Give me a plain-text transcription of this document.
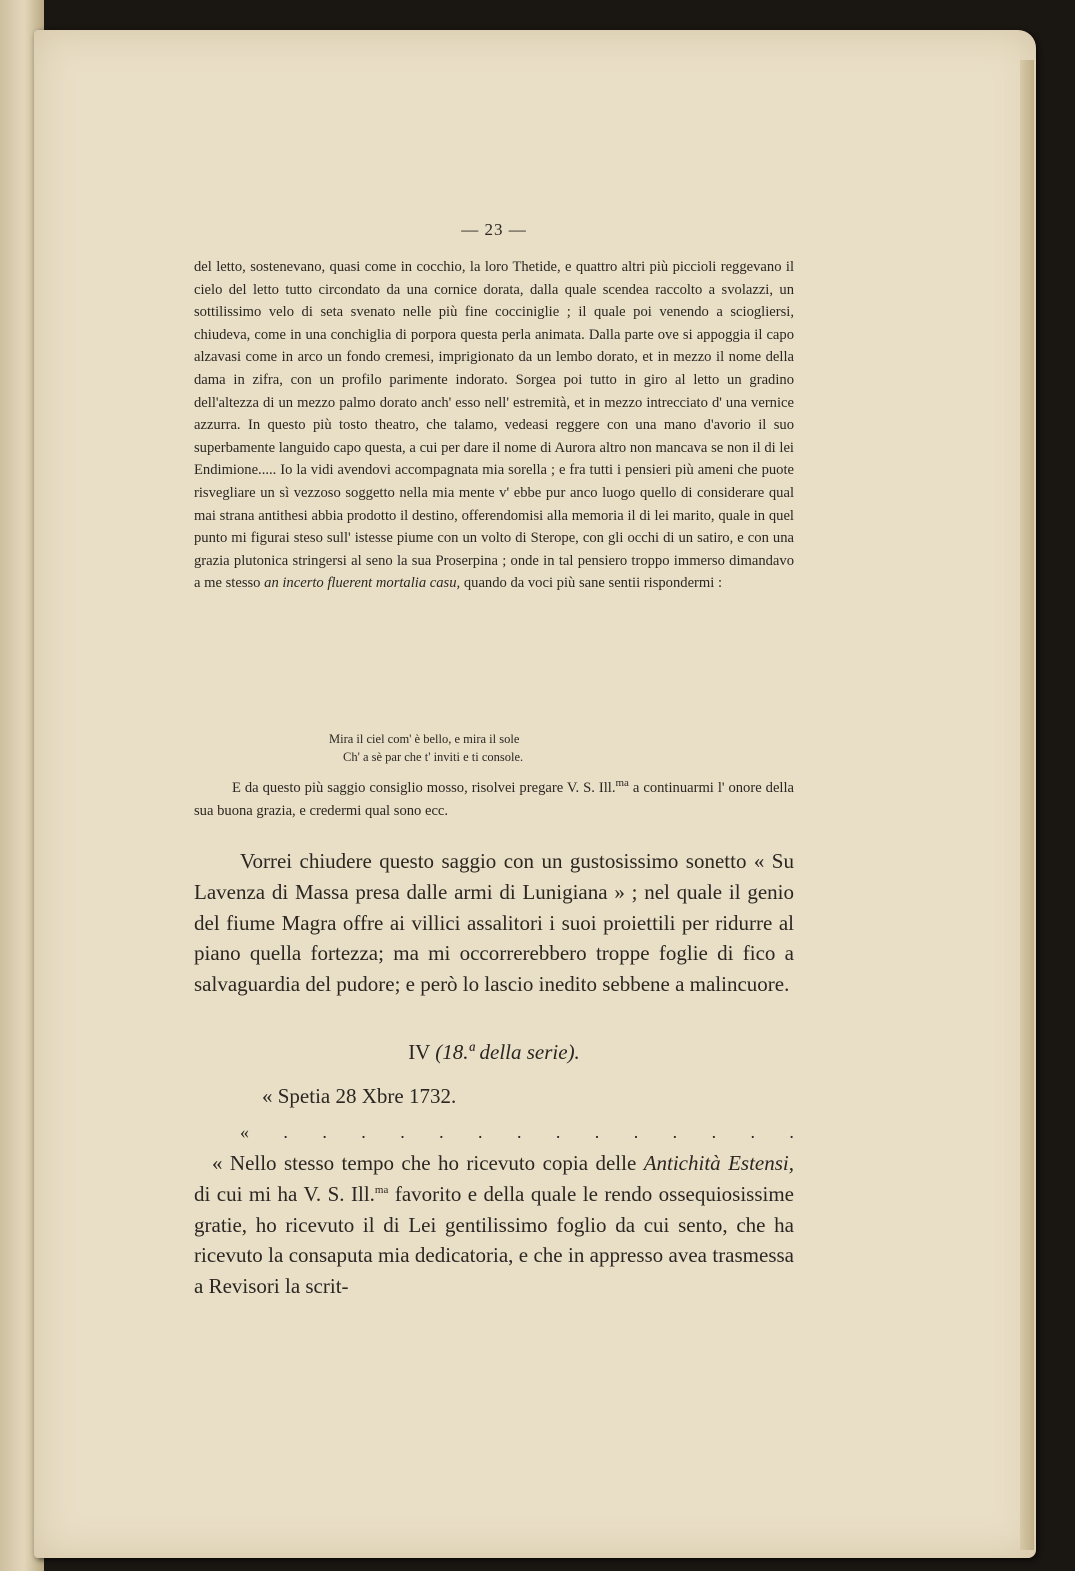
— 23 —
del letto, sostenevano, quasi come in cocchio, la loro Thetide, e quattro altri più piccioli reggevano il cielo del letto tutto circondato da una cornice dorata, dalla quale scendea raccolto a svolazzi, un sottilissimo velo di seta svenato nelle più fine cocciniglie ; il quale poi venendo a sciogliersi, chiudeva, come in una conchiglia di porpora questa perla animata. Dalla parte ove si appoggia il capo alzavasi come in arco un fondo cremesi, imprigionato da un lembo dorato, et in mezzo il nome della dama in zifra, con un profilo parimente indorato. Sorgea poi tutto in giro al letto un gradino dell'altezza di un mezzo palmo dorato anch' esso nell' estremità, et in mezzo intrecciato d' una vernice azzurra. In questo più tosto theatro, che talamo, vedeasi reggere con una mano d'avorio il suo superbamente languido capo questa, a cui per dare il nome di Aurora altro non mancava se non il di lei Endimione..... Io la vidi avendovi accompagnata mia sorella ; e fra tutti i pensieri più ameni che puote risvegliare un sì vezzoso soggetto nella mia mente v' ebbe pur anco luogo quello di considerare qual mai strana antithesi abbia prodotto il destino, offerendomisi alla memoria il di lei marito, quale in quel punto mi figurai steso sull' istesse piume con un volto di Sterope, con gli occhi di un satiro, e con una grazia plutonica stringersi al seno la sua Proserpina ; onde in tal pensiero troppo immerso dimandavo a me stesso an incerto fluerent mortalia casu, quando da voci più sane sentii rispondermi :
Mira il ciel com' è bello, e mira il sole
Ch' a sè par che t' inviti e ti console.
E da questo più saggio consiglio mosso, risolvei pregare V. S. Ill.$^{ma}$ a continuarmi l' onore della sua buona grazia, e credermi qual sono ecc.
Vorrei chiudere questo saggio con un gustosissimo sonetto « Su Lavenza di Massa presa dalle armi di Lunigiana » ; nel quale il genio del fiume Magra offre ai villici assalitori i suoi proiettili per ridurre al piano quella fortezza; ma mi occorrerebbero troppe foglie di fico a salvaguardia del pudore; e però lo lascio inedito sebbene a malincuore.
IV (18.ª della serie).
« Spetia 28 Xbre 1732.
« . . . . . . . . . . . . . .
« Nello stesso tempo che ho ricevuto copia delle Antichità Estensi, di cui mi ha V. S. Ill.$^{ma}$ favorito e della quale le rendo ossequiosissime gratie, ho ricevuto il di Lei gentilissimo foglio da cui sento, che ha ricevuto la consaputa mia dedicatoria, e che in appresso avea trasmessa a Revisori la scrit-
